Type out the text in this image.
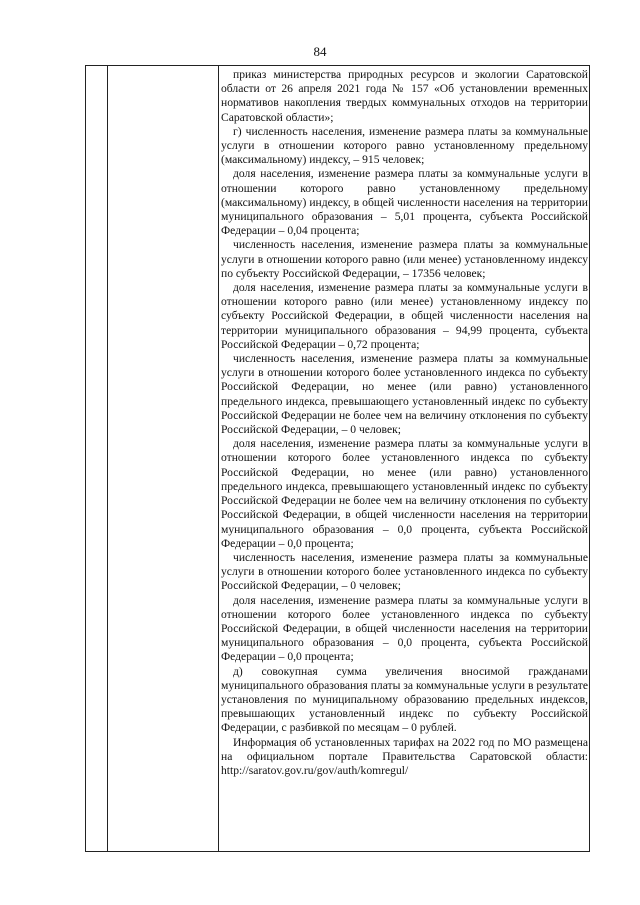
84

приказ министерства природных ресурсов и экологии Саратовской области от 26 апреля 2021 года № 157 «Об установлении временных нормативов накопления твердых коммунальных отходов на территории Саратовской области»;

г) численность населения, изменение размера платы за коммунальные услуги в отношении которого равно установленному предельному (максимальному) индексу, – 915 человек;

доля населения, изменение размера платы за коммунальные услуги в отношении которого равно установленному предельному (максимальному) индексу, в общей численности населения на территории муниципального образования – 5,01 процента, субъекта Российской Федерации – 0,04 процента;

численность населения, изменение размера платы за коммунальные услуги в отношении которого равно (или менее) установленному индексу по субъекту Российской Федерации, – 17356 человек;

доля населения, изменение размера платы за коммунальные услуги в отношении которого равно (или менее) установленному индексу по субъекту Российской Федерации, в общей численности населения на территории муниципального образования – 94,99 процента, субъекта Российской Федерации – 0,72 процента;

численность населения, изменение размера платы за коммунальные услуги в отношении которого более установленного индекса по субъекту Российской Федерации, но менее (или равно) установленного предельного индекса, превышающего установленный индекс по субъекту Российской Федерации не более чем на величину отклонения по субъекту Российской Федерации, – 0 человек;

доля населения, изменение размера платы за коммунальные услуги в отношении которого более установленного индекса по субъекту Российской Федерации, но менее (или равно) установленного предельного индекса, превышающего установленный индекс по субъекту Российской Федерации не более чем на величину отклонения по субъекту Российской Федерации, в общей численности населения на территории муниципального образования – 0,0 процента, субъекта Российской Федерации – 0,0 процента;

численность населения, изменение размера платы за коммунальные услуги в отношении которого более установленного индекса по субъекту Российской Федерации, – 0 человек;

доля населения, изменение размера платы за коммунальные услуги в отношении которого более установленного индекса по субъекту Российской Федерации, в общей численности населения на территории муниципального образования – 0,0 процента, субъекта Российской Федерации – 0,0 процента;

д) совокупная сумма увеличения вносимой гражданами муниципального образования платы за коммунальные услуги в результате установления по муниципальному образованию предельных индексов, превышающих установленный индекс по субъекту Российской Федерации, с разбивкой по месяцам – 0 рублей.

Информация об установленных тарифах на 2022 год по МО размещена на официальном портале Правительства Саратовской области: http://saratov.gov.ru/gov/auth/komregul/
